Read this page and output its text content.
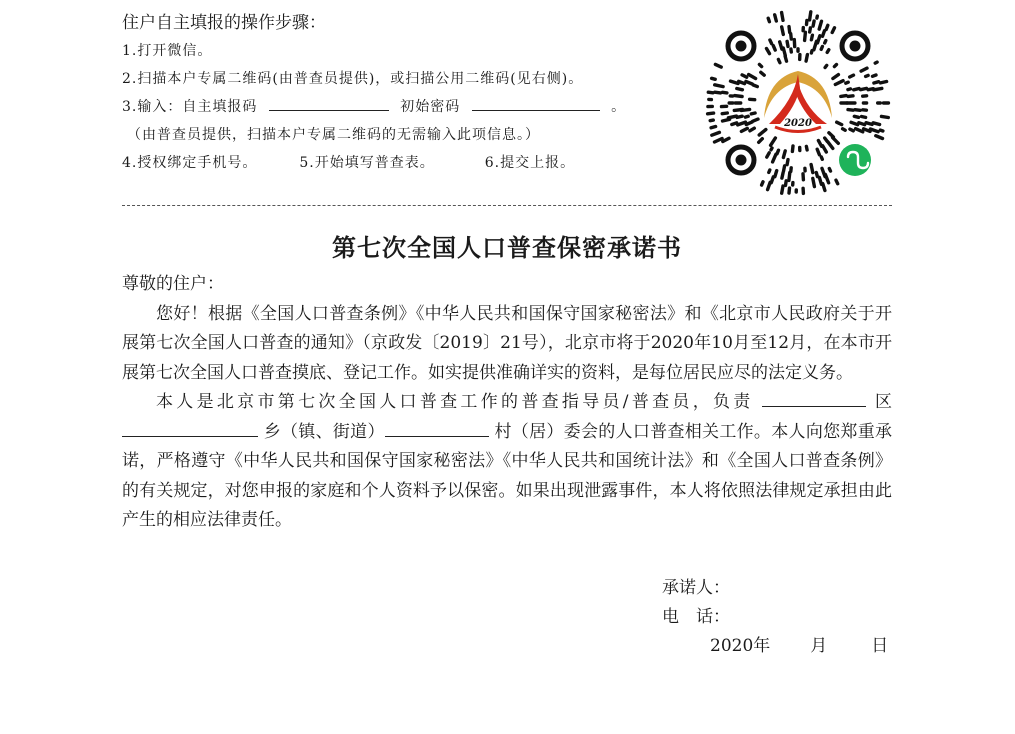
住户自主填报的操作步骤：
1.打开微信。
2.扫描本户专属二维码(由普查员提供)，或扫描公用二维码(见右侧)。
3.输入：自主填报码	初始密码	。
（由普查员提供，扫描本户专属二维码的无需输入此项信息。）
4.授权绑定手机号。	5.开始填写普查表。	6.提交上报。
2020
第七次全国人口普查保密承诺书

尊敬的住户：

您好！根据《全国人口普查条例》《中华人民共和国保守国家秘密法》和《北京市人民政府关于开展第七次全国人口普查的通知》（京政发〔2019〕21号），北京市将于2020年10月至12月，在本市开展第七次全国人口普查摸底、登记工作。如实提供准确详实的资料，是每位居民应尽的法定义务。

本人是北京市第七次全国人口普查工作的普查指导员/普查员，负责	区  乡（镇、街道）	村（居）委会的人口普查相关工作。本人向您郑重承诺，严格遵守《中华人民共和国保守国家秘密法》《中华人民共和国统计法》和《全国人口普查条例》的有关规定，对您申报的家庭和个人资料予以保密。如果出现泄露事件，本人将依照法律规定承担由此产生的相应法律责任。

承诺人：
电　话：
2020年 月	日
